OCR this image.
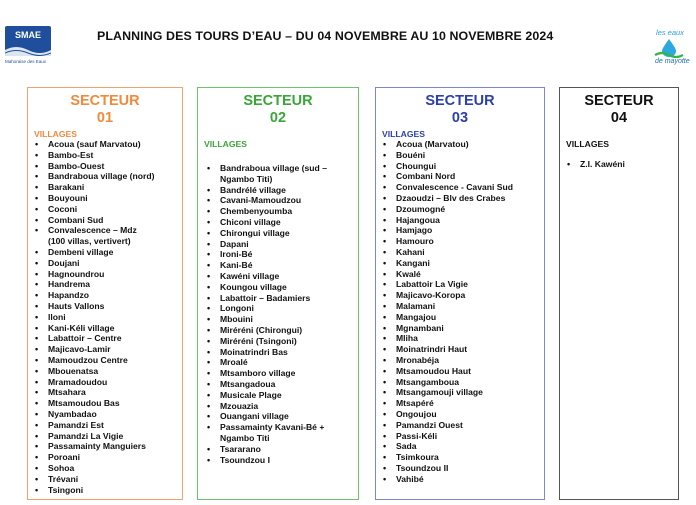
SMAE
Mahoraise des Eaux
PLANNING DES TOURS D’EAU – DU 04 NOVEMBRE AU 10 NOVEMBRE 2024	les eaux
de mayotte
SECTEUR
01
VILLAGES
• Acoua (sauf Marvatou)
• Bambo-Est
• Bambo-Ouest
• Bandraboua village (nord)
• Barakani
• Bouyouni
• Coconi
• Combani Sud
• Convalescence – Mdz
(100 villas, vertivert)
• Dembeni village
• Doujani
• Hagnoundrou
• Handrema
• Hapandzo
• Hauts Vallons
• Iloni
• Kani-Kéli village
• Labattoir – Centre
• Majicavo-Lamir
• Mamoudzou Centre
• Mbouenatsa
• Mramadoudou
• Mtsahara
• Mtsamoudou Bas
• Nyambadao
• Pamandzi Est
• Pamandzi La Vigie
• Passamainty Manguiers
• Poroani
• Sohoa
• Trévani
• Tsingoni
SECTEUR
02
VILLAGES
• Bandraboua village (sud –
Ngambo Titi)
• Bandrélé village
• Cavani-Mamoudzou
• Chembenyoumba
• Chiconi village
• Chirongui village
• Dapani
• Ironi-Bé
• Kani-Bé
• Kawéni village
• Koungou village
• Labattoir – Badamiers
• Longoni
• Mbouini
• Miréréni (Chirongui)
• Miréréni (Tsingoni)
• Moinatrindri Bas
• Mroalé
• Mtsamboro village
• Mtsangadoua
• Musicale Plage
• Mzouazia
• Ouangani village
• Passamainty Kavani-Bé +
Ngambo Titi
• Tsararano
• Tsoundzou I
SECTEUR
03
VILLAGES
• Acoua (Marvatou)
• Bouéni
• Choungui
• Combani Nord
• Convalescence - Cavani Sud
• Dzaoudzi – Blv des Crabes
• Dzoumogné
• Hajangoua
• Hamjago
• Hamouro
• Kahani
• Kangani
• Kwalé
• Labattoir La Vigie
• Majicavo-Koropa
• Malamani
• Mangajou
• Mgnambani
• Mliha
• Moinatrindri Haut
• Mronabéja
• Mtsamoudou Haut
• Mtsangamboua
• Mtsangamouji village
• Mtsapéré
• Ongoujou
• Pamandzi Ouest
• Passi-Kéli
• Sada
• Tsimkoura
• Tsoundzou II
• Vahibé
SECTEUR
04
VILLAGES
• Z.I. Kawéni
